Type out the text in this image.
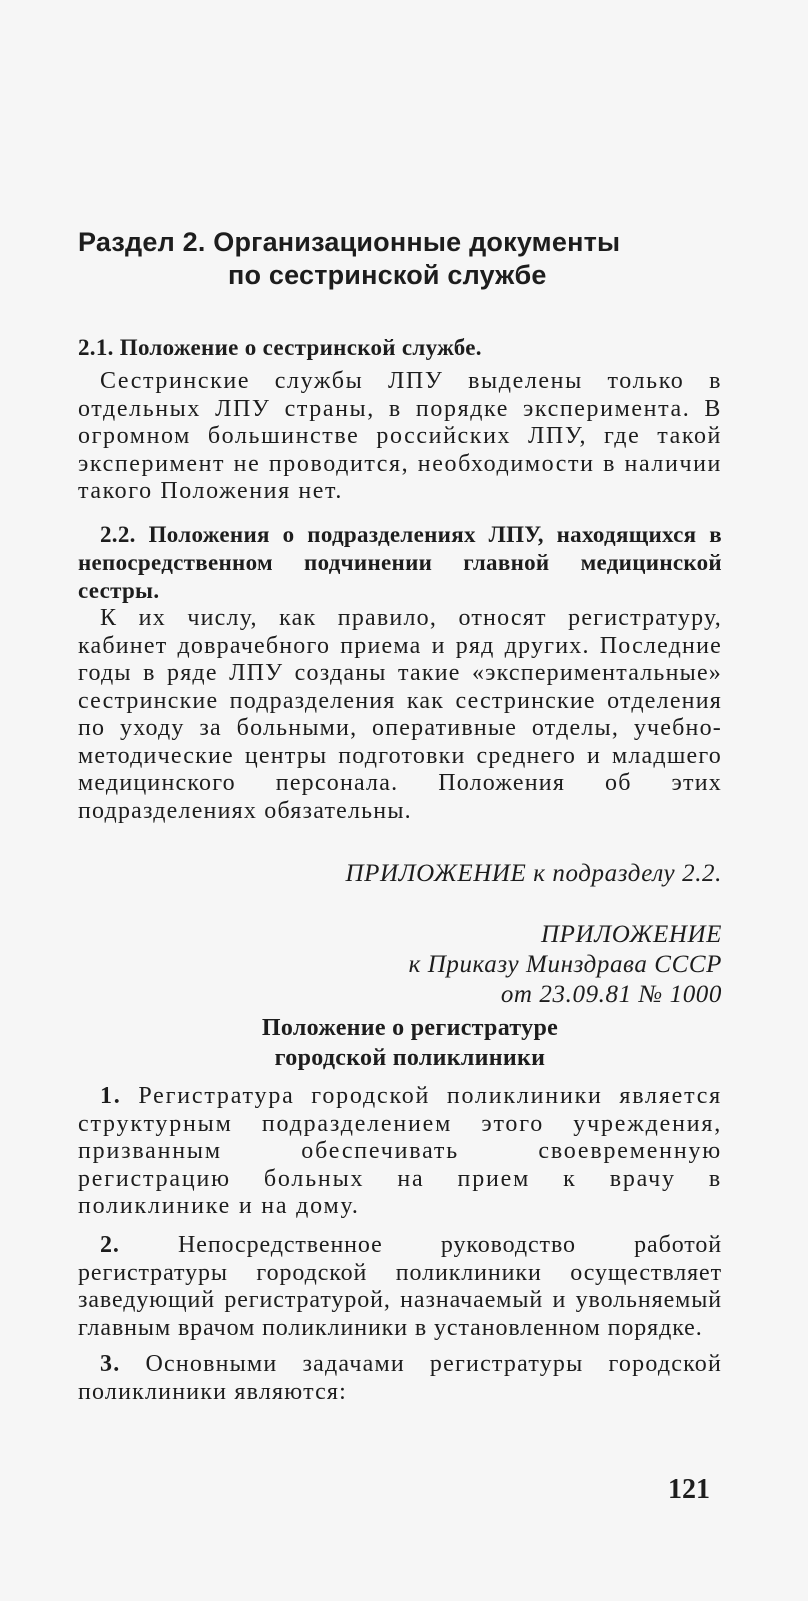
Раздел 2. Организационные документы
по сестринской службе
2.1. Положение о сестринской службе.
Сестринские службы ЛПУ выделены только в отдельных ЛПУ страны, в порядке эксперимента. В огромном большинстве российских ЛПУ, где такой эксперимент не проводится, необходимости в наличии такого Положения нет.
2.2. Положения о подразделениях ЛПУ, находящихся в непосредственном подчинении главной медицинской сестры.
К их числу, как правило, относят регистратуру, кабинет доврачебного приема и ряд других. Последние годы в ряде ЛПУ созданы такие «экспериментальные» сестринские подразделения как сестринские отделения по уходу за больными, оперативные отделы, учебно-методические центры подготовки среднего и младшего медицинского персонала. Положения об этих подразделениях обязательны.
ПРИЛОЖЕНИЕ к подразделу 2.2.
ПРИЛОЖЕНИЕ
к Приказу Минздрава СССР
от 23.09.81 № 1000
Положение о регистратуре
городской поликлиники
1. Регистратура городской поликлиники является структурным подразделением этого учреждения, призванным обеспечивать своевременную регистрацию больных на прием к врачу в поликлинике и на дому.
2. Непосредственное руководство работой регистратуры городской поликлиники осуществляет заведующий регистратурой, назначаемый и увольняемый главным врачом поликлиники в установленном порядке.
3. Основными задачами регистратуры городской поликлиники являются:
121
